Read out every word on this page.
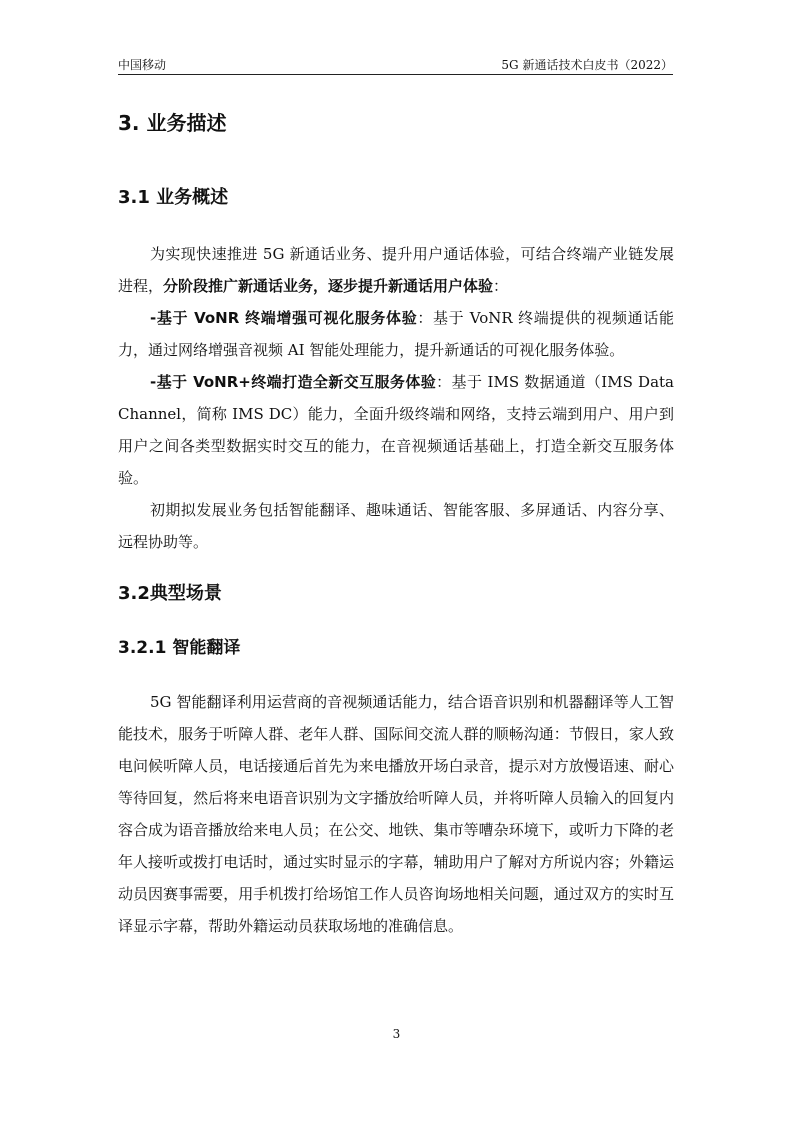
中国移动	5G 新通话技术白皮书（2022）
3. 业务描述
3.1 业务概述

为实现快速推进 5G 新通话业务、提升用户通话体验，可结合终端产业链发展进程，分阶段推广新通话业务，逐步提升新通话用户体验：

-基于 VoNR 终端增强可视化服务体验：基于 VoNR 终端提供的视频通话能力，通过网络增强音视频 AI 智能处理能力，提升新通话的可视化服务体验。

-基于 VoNR+终端打造全新交互服务体验：基于 IMS 数据通道（IMS Data Channel，简称 IMS DC）能力，全面升级终端和网络，支持云端到用户、用户到用户之间各类型数据实时交互的能力，在音视频通话基础上，打造全新交互服务体验。

初期拟发展业务包括智能翻译、趣味通话、智能客服、多屏通话、内容分享、远程协助等。

3.2典型场景
3.2.1 智能翻译

5G 智能翻译利用运营商的音视频通话能力，结合语音识别和机器翻译等人工智能技术，服务于听障人群、老年人群、国际间交流人群的顺畅沟通：节假日，家人致电问候听障人员，电话接通后首先为来电播放开场白录音，提示对方放慢语速、耐心等待回复，然后将来电语音识别为文字播放给听障人员，并将听障人员输入的回复内容合成为语音播放给来电人员；在公交、地铁、集市等嘈杂环境下，或听力下降的老年人接听或拨打电话时，通过实时显示的字幕，辅助用户了解对方所说内容；外籍运动员因赛事需要，用手机拨打给场馆工作人员咨询场地相关问题，通过双方的实时互译显示字幕，帮助外籍运动员获取场地的准确信息。

3
